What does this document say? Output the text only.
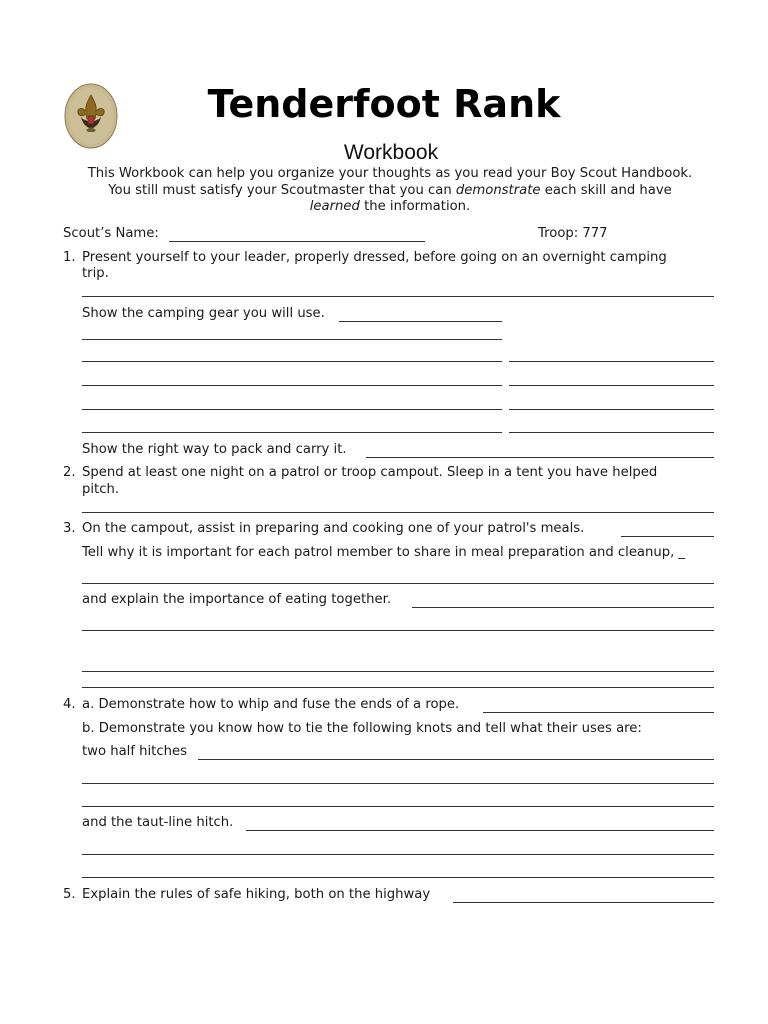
Tenderfoot Rank
Workbook
This Workbook can help you organize your thoughts as you read your Boy Scout Handbook.
You still must satisfy your Scoutmaster that you can demonstrate each skill and have
learned the information.
Scout’s Name:	Troop: 777
1. Present yourself to your leader, properly dressed, before going on an overnight camping
trip.
Show the camping gear you will use.
Show the right way to pack and carry it.
2. Spend at least one night on a patrol or troop campout. Sleep in a tent you have helped
pitch.
3. On the campout, assist in preparing and cooking one of your patrol's meals.
Tell why it is important for each patrol member to share in meal preparation and cleanup, _
and explain the importance of eating together.
4. a. Demonstrate how to whip and fuse the ends of a rope.
b. Demonstrate you know how to tie the following knots and tell what their uses are:
two half hitches
and the taut-line hitch.
5. Explain the rules of safe hiking, both on the highway
